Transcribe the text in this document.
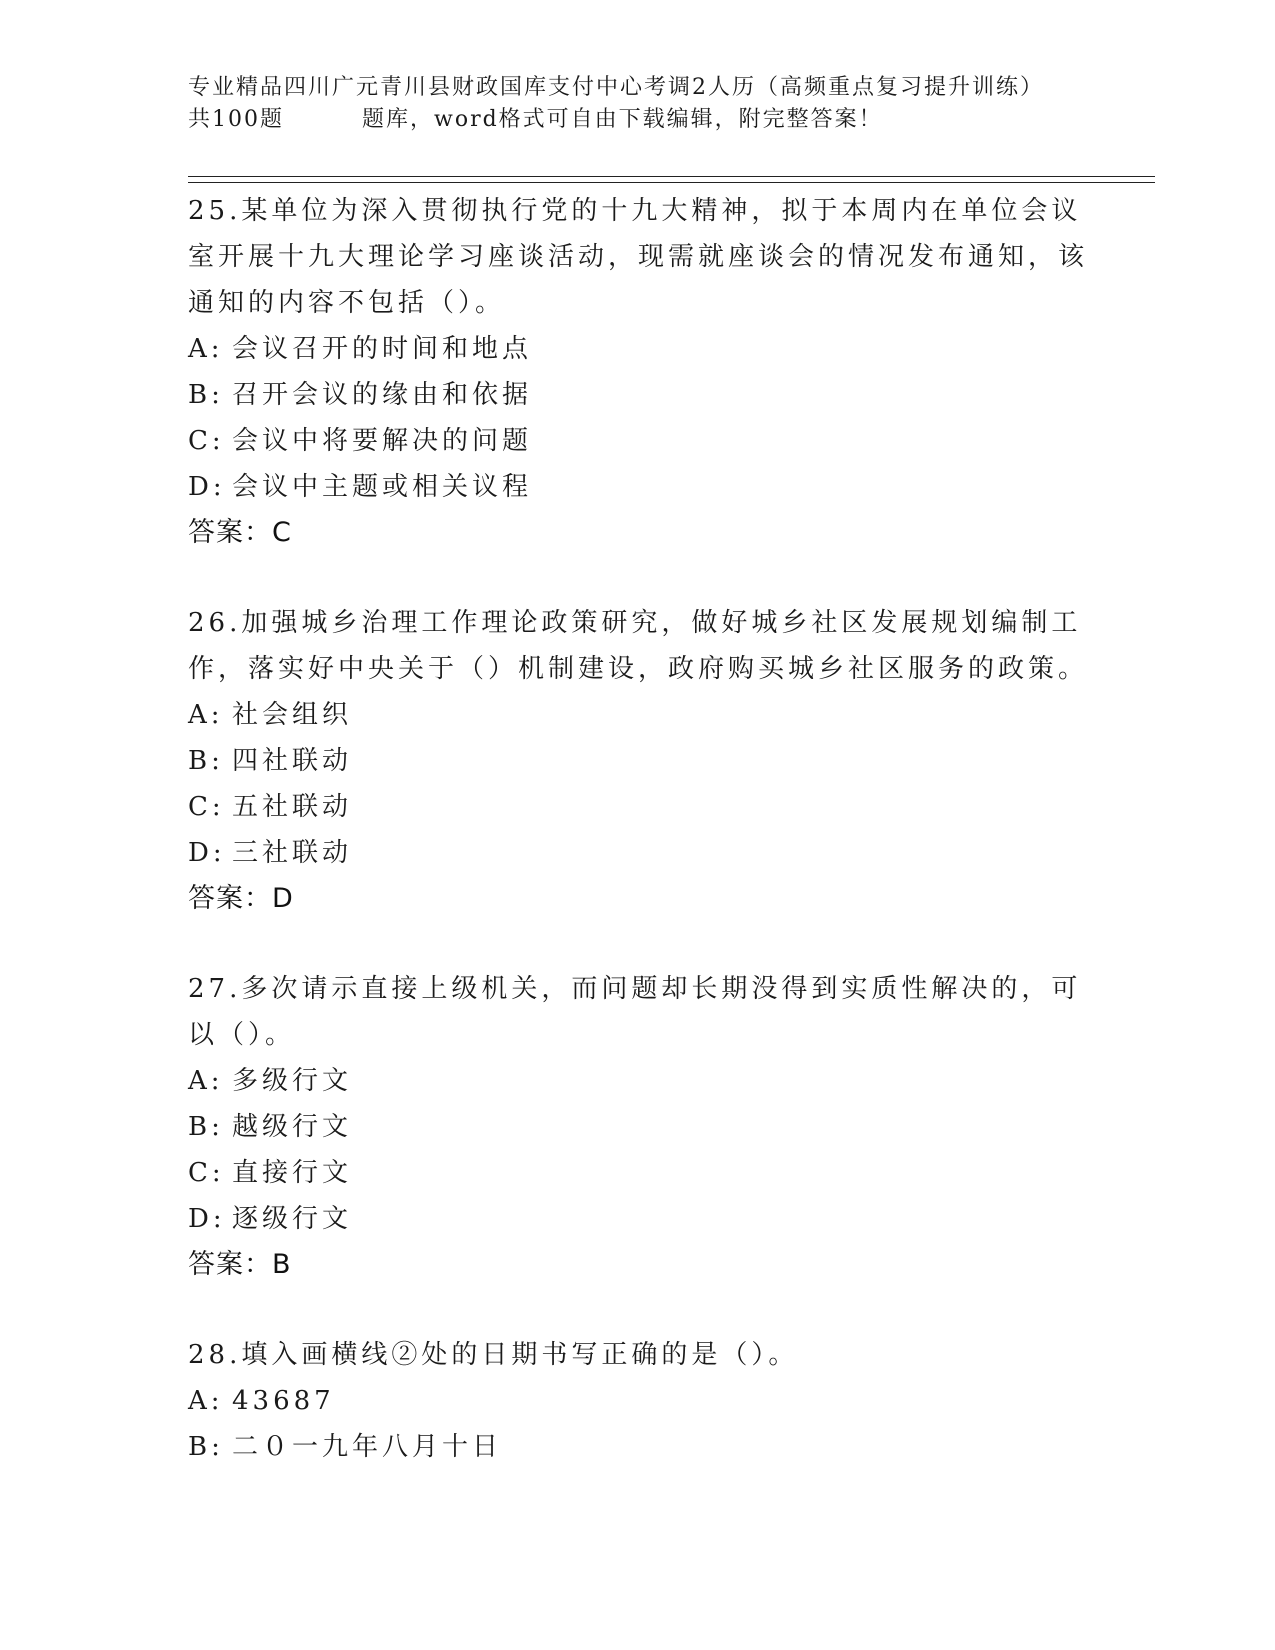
专业精品四川广元青川县财政国库支付中心考调2人历（高频重点复习提升训练）
共100题	题库，word格式可自由下载编辑，附完整答案！
25.某单位为深入贯彻执行党的十九大精神，拟于本周内在单位会议室开展十九大理论学习座谈活动，现需就座谈会的情况发布通知，该通知的内容不包括（）。
A: 会议召开的时间和地点
B: 召开会议的缘由和依据
C: 会议中将要解决的问题
D: 会议中主题或相关议程
答案：C
26.加强城乡治理工作理论政策研究，做好城乡社区发展规划编制工作，落实好中央关于（）机制建设，政府购买城乡社区服务的政策。
A: 社会组织
B: 四社联动
C: 五社联动
D: 三社联动
答案：D
27.多次请示直接上级机关，而问题却长期没得到实质性解决的，可以（）。
A: 多级行文
B: 越级行文
C: 直接行文
D: 逐级行文
答案：B
28.填入画横线②处的日期书写正确的是（）。
A: 43687
B: 二０一九年八月十日
